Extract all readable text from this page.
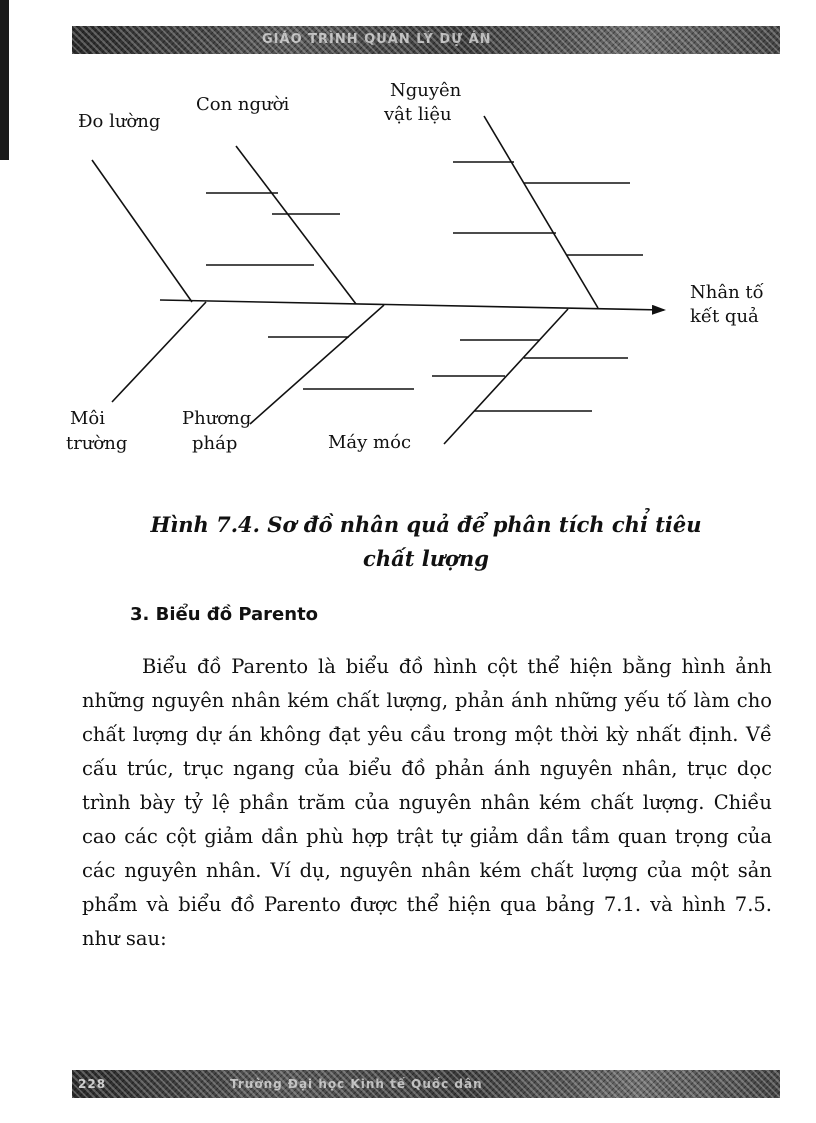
GIÁO TRÌNH QUẢN LÝ DỰ ÁN
Đo lường
Con người
Nguyên
vật liệu
Nhân tố
kết quả
Môi
trường
Phương
pháp	Máy móc
Hình 7.4. Sơ đồ nhân quả để phân tích chỉ tiêu
chất lượng
3. Biểu đồ Parento

Biểu đồ Parento là biểu đồ hình cột thể hiện bằng hình ảnh những nguyên nhân kém chất lượng, phản ánh những yếu tố làm cho chất lượng dự án không đạt yêu cầu trong một thời kỳ nhất định. Về cấu trúc, trục ngang của biểu đồ phản ánh nguyên nhân, trục dọc trình bày tỷ lệ phần trăm của nguyên nhân kém chất lượng. Chiều cao các cột giảm dần phù hợp trật tự giảm dần tầm quan trọng của các nguyên nhân. Ví dụ, nguyên nhân kém chất lượng của một sản phẩm và biểu đồ Parento được thể hiện qua bảng 7.1. và hình 7.5. như sau:

228	Trường Đại học Kinh tế Quốc dân
